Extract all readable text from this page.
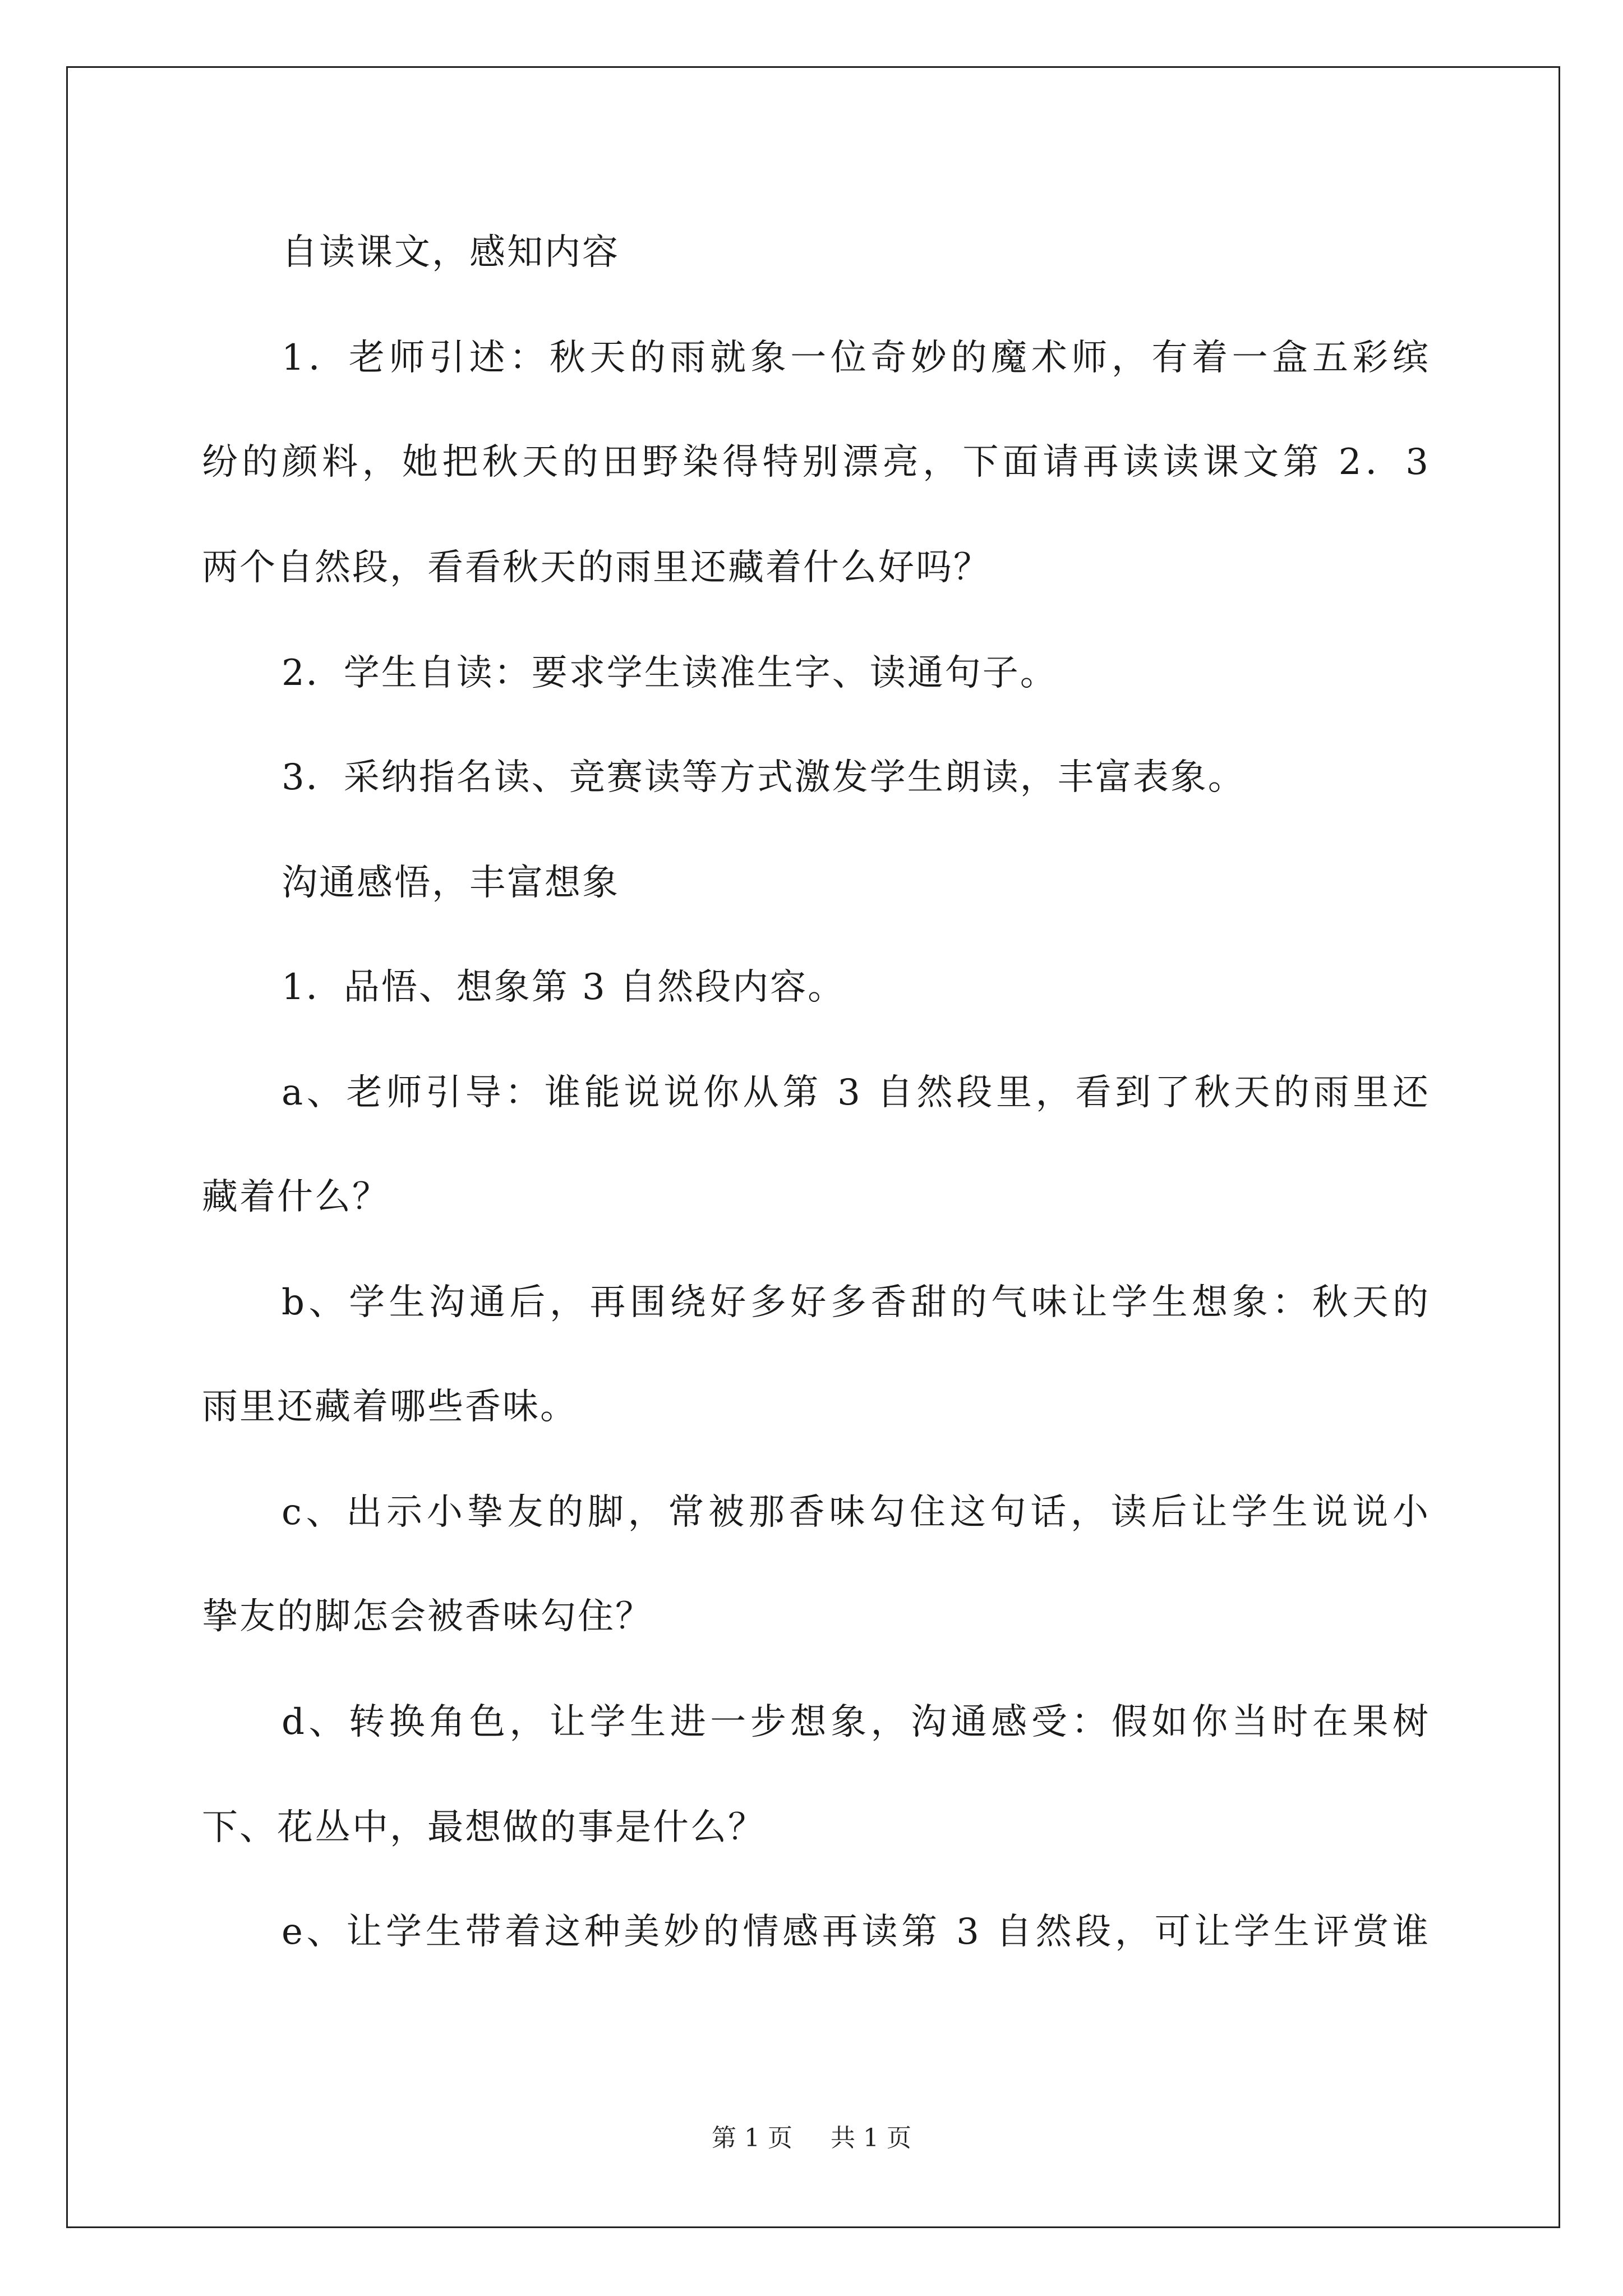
自读课文，感知内容
1．老师引述：秋天的雨就象一位奇妙的魔术师，有着一盒五彩缤
纷的颜料，她把秋天的田野染得特别漂亮，下面请再读读课文第 2．3
两个自然段，看看秋天的雨里还藏着什么好吗？
2．学生自读：要求学生读准生字、读通句子。
3．采纳指名读、竞赛读等方式激发学生朗读，丰富表象。
沟通感悟，丰富想象
1．品悟、想象第 3 自然段内容。
a、老师引导：谁能说说你从第 3 自然段里，看到了秋天的雨里还
藏着什么？
b、学生沟通后，再围绕好多好多香甜的气味让学生想象：秋天的
雨里还藏着哪些香味。
c、出示小挚友的脚，常被那香味勾住这句话，读后让学生说说小
挚友的脚怎会被香味勾住？
d、转换角色，让学生进一步想象，沟通感受：假如你当时在果树
下、花丛中，最想做的事是什么？
e、让学生带着这种美妙的情感再读第 3 自然段，可让学生评赏谁
第 1 页 共 1 页
